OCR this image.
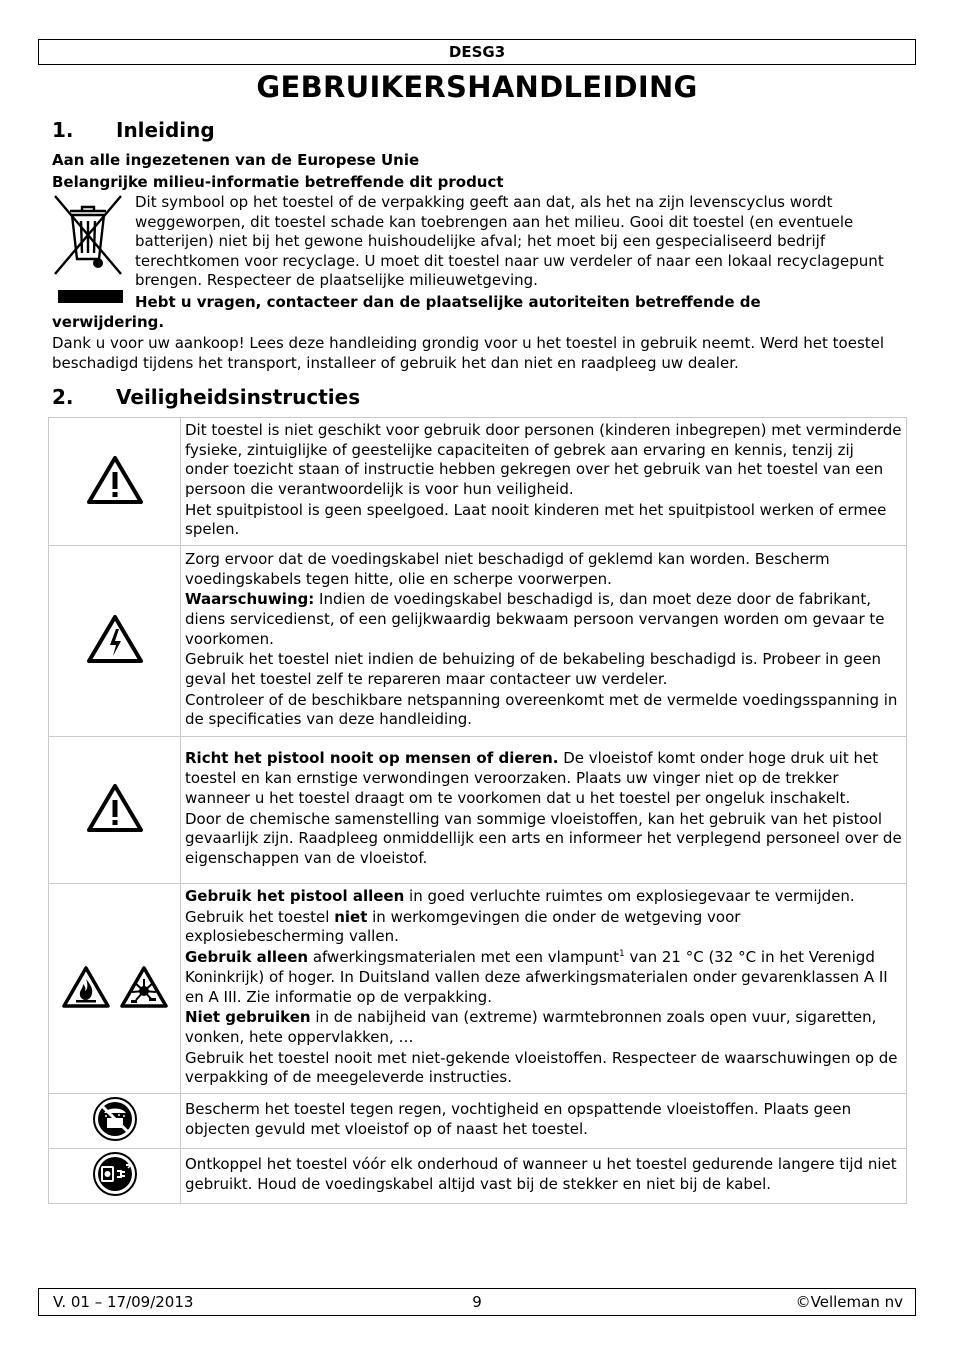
DESG3
GEBRUIKERSHANDLEIDING
1. Inleiding
Aan alle ingezetenen van de Europese Unie
Belangrijke milieu-informatie betreffende dit product
Dit symbool op het toestel of de verpakking geeft aan dat, als het na zijn levenscyclus wordt weggeworpen, dit toestel schade kan toebrengen aan het milieu. Gooi dit toestel (en eventuele batterijen) niet bij het gewone huishoudelijke afval; het moet bij een gespecialiseerd bedrijf terechtkomen voor recyclage. U moet dit toestel naar uw verdeler of naar een lokaal recyclagepunt brengen. Respecteer de plaatselijke milieuwetgeving.
Hebt u vragen, contacteer dan de plaatselijke autoriteiten betreffende de
verwijdering.
Dank u voor uw aankoop! Lees deze handleiding grondig voor u het toestel in gebruik neemt. Werd het toestel beschadigd tijdens het transport, installeer of gebruik het dan niet en raadpleeg uw dealer.
2. Veiligheidsinstructies

Dit toestel is niet geschikt voor gebruik door personen (kinderen inbegrepen) met verminderde fysieke, zintuiglijke of geestelijke capaciteiten of gebrek aan ervaring en kennis, tenzij zij onder toezicht staan of instructie hebben gekregen over het gebruik van het toestel van een persoon die verantwoordelijk is voor hun veiligheid.

Het spuitpistool is geen speelgoed. Laat nooit kinderen met het spuitpistool werken of ermee spelen.

Zorg ervoor dat de voedingskabel niet beschadigd of geklemd kan worden. Bescherm voedingskabels tegen hitte, olie en scherpe voorwerpen.

Waarschuwing: Indien de voedingskabel beschadigd is, dan moet deze door de fabrikant, diens servicedienst, of een gelijkwaardig bekwaam persoon vervangen worden om gevaar te voorkomen.

Gebruik het toestel niet indien de behuizing of de bekabeling beschadigd is. Probeer in geen geval het toestel zelf te repareren maar contacteer uw verdeler.

Controleer of de beschikbare netspanning overeenkomt met de vermelde voedingsspanning in de specificaties van deze handleiding.

Richt het pistool nooit op mensen of dieren. De vloeistof komt onder hoge druk uit het toestel en kan ernstige verwondingen veroorzaken. Plaats uw vinger niet op de trekker wanneer u het toestel draagt om te voorkomen dat u het toestel per ongeluk inschakelt.

Door de chemische samenstelling van sommige vloeistoffen, kan het gebruik van het pistool gevaarlijk zijn. Raadpleeg onmiddellijk een arts en informeer het verplegend personeel over de eigenschappen van de vloeistof.

Gebruik het pistool alleen in goed verluchte ruimtes om explosiegevaar te vermijden.

Gebruik het toestel niet in werkomgevingen die onder de wetgeving voor explosiebescherming vallen.

Gebruik alleen afwerkingsmaterialen met een vlampunt$^1$ van 21 °C (32 °C in het Verenigd Koninkrijk) of hoger. In Duitsland vallen deze afwerkingsmaterialen onder gevarenklassen A II en A III. Zie informatie op de verpakking.

Niet gebruiken in de nabijheid van (extreme) warmtebronnen zoals open vuur, sigaretten, vonken, hete oppervlakken, …

Gebruik het toestel nooit met niet-gekende vloeistoffen. Respecteer de waarschuwingen op de verpakking of de meegeleverde instructies.

Bescherm het toestel tegen regen, vochtigheid en opspattende vloeistoffen. Plaats geen objecten gevuld met vloeistof op of naast het toestel.

Ontkoppel het toestel vóór elk onderhoud of wanneer u het toestel gedurende langere tijd niet gebruikt. Houd de voedingskabel altijd vast bij de stekker en niet bij de kabel.

V. 01 – 17/09/2013	9	©Velleman nv
